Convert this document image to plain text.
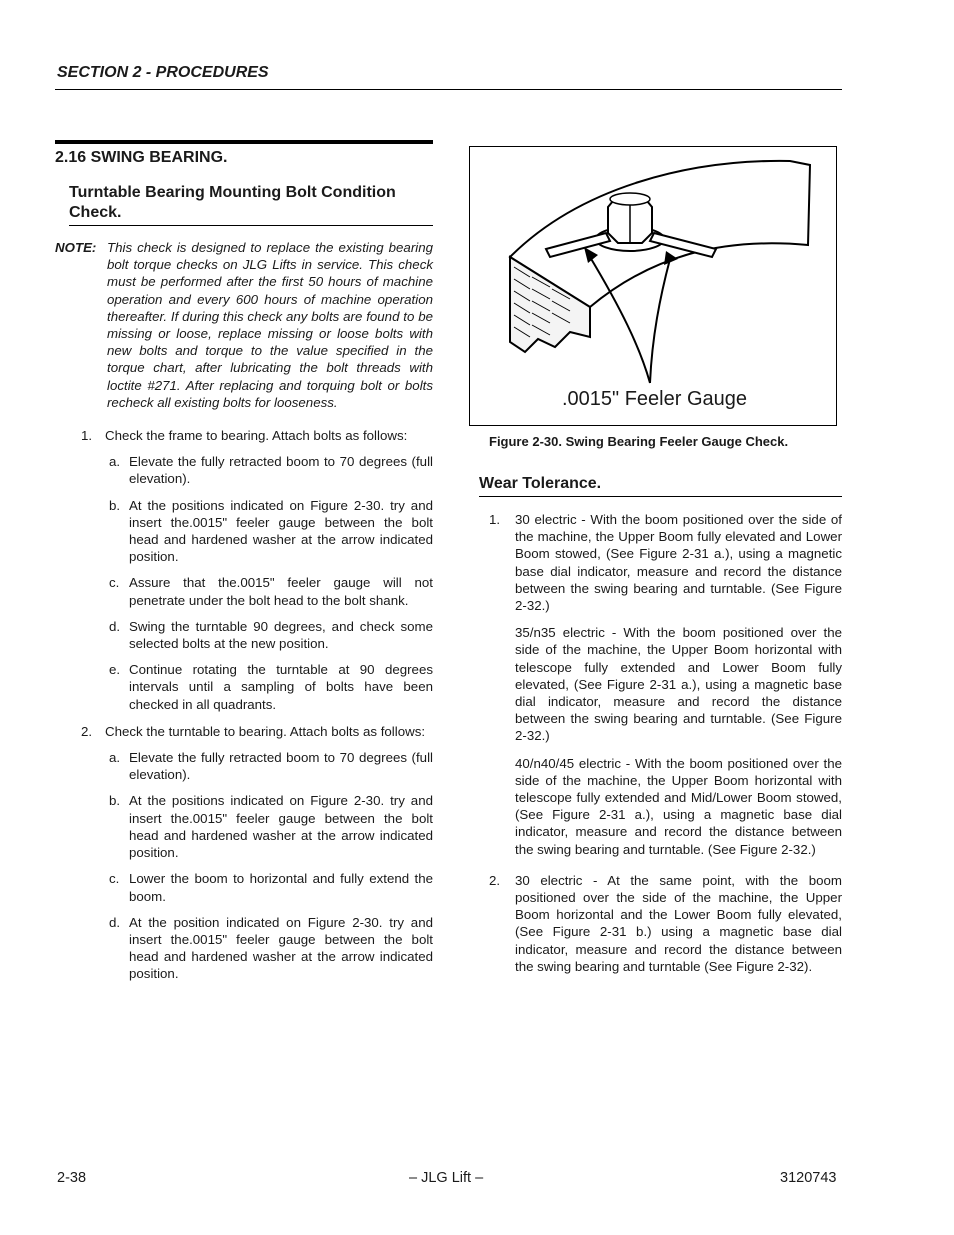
SECTION 2 - PROCEDURES
2.16 SWING BEARING.
Turntable Bearing Mounting Bolt Condition Check.
NOTE: This check is designed to replace the existing bearing bolt torque checks on JLG Lifts in service. This check must be performed after the first 50 hours of machine operation and every 600 hours of machine operation thereafter. If during this check any bolts are found to be missing or loose, replace missing or loose bolts with new bolts and torque to the value specified in the torque chart, after lubricating the bolt threads with loctite #271. After replacing and torquing bolt or bolts recheck all existing bolts for looseness.
1. Check the frame to bearing. Attach bolts as follows:
a. Elevate the fully retracted boom to 70 degrees (full elevation).
b. At the positions indicated on Figure 2-30. try and insert the.0015" feeler gauge between the bolt head and hardened washer at the arrow indicated position.
c. Assure that the.0015" feeler gauge will not penetrate under the bolt head to the bolt shank.
d. Swing the turntable 90 degrees, and check some selected bolts at the new position.
e. Continue rotating the turntable at 90 degrees intervals until a sampling of bolts have been checked in all quadrants.
2. Check the turntable to bearing. Attach bolts as follows:
a. Elevate the fully retracted boom to 70 degrees (full elevation).
b. At the positions indicated on Figure 2-30. try and insert the.0015" feeler gauge between the bolt head and hardened washer at the arrow indicated position.
c. Lower the boom to horizontal and fully extend the boom.
d. At the position indicated on Figure 2-30. try and insert the.0015" feeler gauge between the bolt head and hardened washer at the arrow indicated position.
.0015" Feeler Gauge
Figure 2-30. Swing Bearing Feeler Gauge Check.
Wear Tolerance.
1. 30 electric - With the boom positioned over the side of the machine, the Upper Boom fully elevated and Lower Boom stowed, (See Figure 2-31 a.), using a magnetic base dial indicator, measure and record the distance between the swing bearing and turntable. (See Figure 2-32.)
35/n35 electric - With the boom positioned over the side of the machine, the Upper Boom horizontal with telescope fully extended and Lower Boom fully elevated, (See Figure 2-31 a.), using a magnetic base dial indicator, measure and record the distance between the swing bearing and turntable. (See Figure 2-32.)
40/n40/45 electric - With the boom positioned over the side of the machine, the Upper Boom horizontal with telescope fully extended and Mid/Lower Boom stowed, (See Figure 2-31 a.), using a magnetic base dial indicator, measure and record the distance between the swing bearing and turntable. (See Figure 2-32.)
2. 30 electric - At the same point, with the boom positioned over the side of the machine, the Upper Boom horizontal and the Lower Boom fully elevated, (See Figure 2-31 b.) using a magnetic base dial indicator, measure and record the distance between the swing bearing and turntable (See Figure 2-32).
2-38	– JLG Lift –	3120743
